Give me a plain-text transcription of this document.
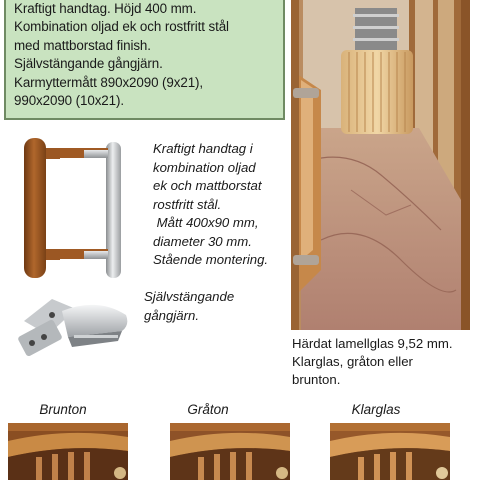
Kraftigt handtag. Höjd 400 mm.

Kombination oljad ek och rostfritt stål

med mattborstad finish.

Självstängande gångjärn.

Karmyttermått 890x2090 (9x21),

990x2090 (10x21).

Kraftigt handtag i

kombination oljad

ek och mattborstat

rostfritt stål.

Mått 400x90 mm,

diameter 30 mm.

Stående montering.

Självstängande

gångjärn.

Härdat lamellglas 9,52 mm.

Klarglas, gråton eller

brunton.

Brunton	Gråton	Klarglas
